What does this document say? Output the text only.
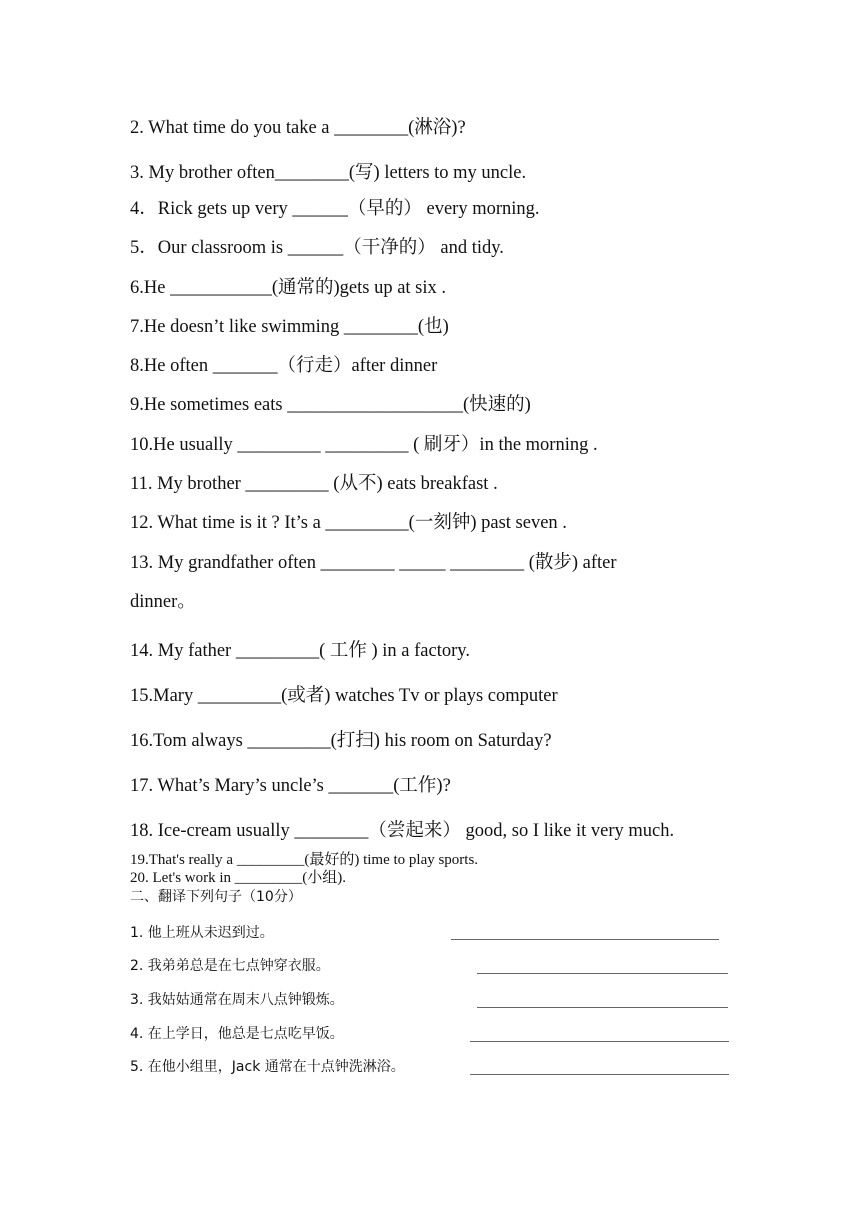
2. What time do you take a ________(淋浴)?
3. My brother often________(写) letters to my uncle.
4．Rick gets up very ______（早的） every morning.
5．Our classroom is ______（干净的） and tidy.
6.He ___________(通常的)gets up at six .
7.He doesn’t like swimming ________(也)
8.He often _______（行走）after dinner
9.He sometimes eats ___________________(快速的)
10.He usually _________ _________ ( 刷牙）in the morning .
11. My brother _________ (从不) eats breakfast .
12. What time is it ? It’s a _________(一刻钟) past seven .
13. My grandfather often ________ _____ ________ (散步) after
dinner。
14. My father _________( 工作 ) in a factory.
15.Mary _________(或者) watches Tv or plays computer
16.Tom always _________(打扫) his room on Saturday?
17. What’s Mary’s uncle’s _______(工作)?
18. Ice-cream usually ________（尝起来） good, so I like it very much.
19.That's really a _________(最好的) time to play sports.
20. Let's work in _________(小组).
二、翻译下列句子（10分）
1. 他上班从未迟到过。
2. 我弟弟总是在七点钟穿衣服。
3. 我姑姑通常在周末八点钟锻炼。
4. 在上学日，他总是七点吃早饭。
5. 在他小组里，Jack 通常在十点钟洗淋浴。
